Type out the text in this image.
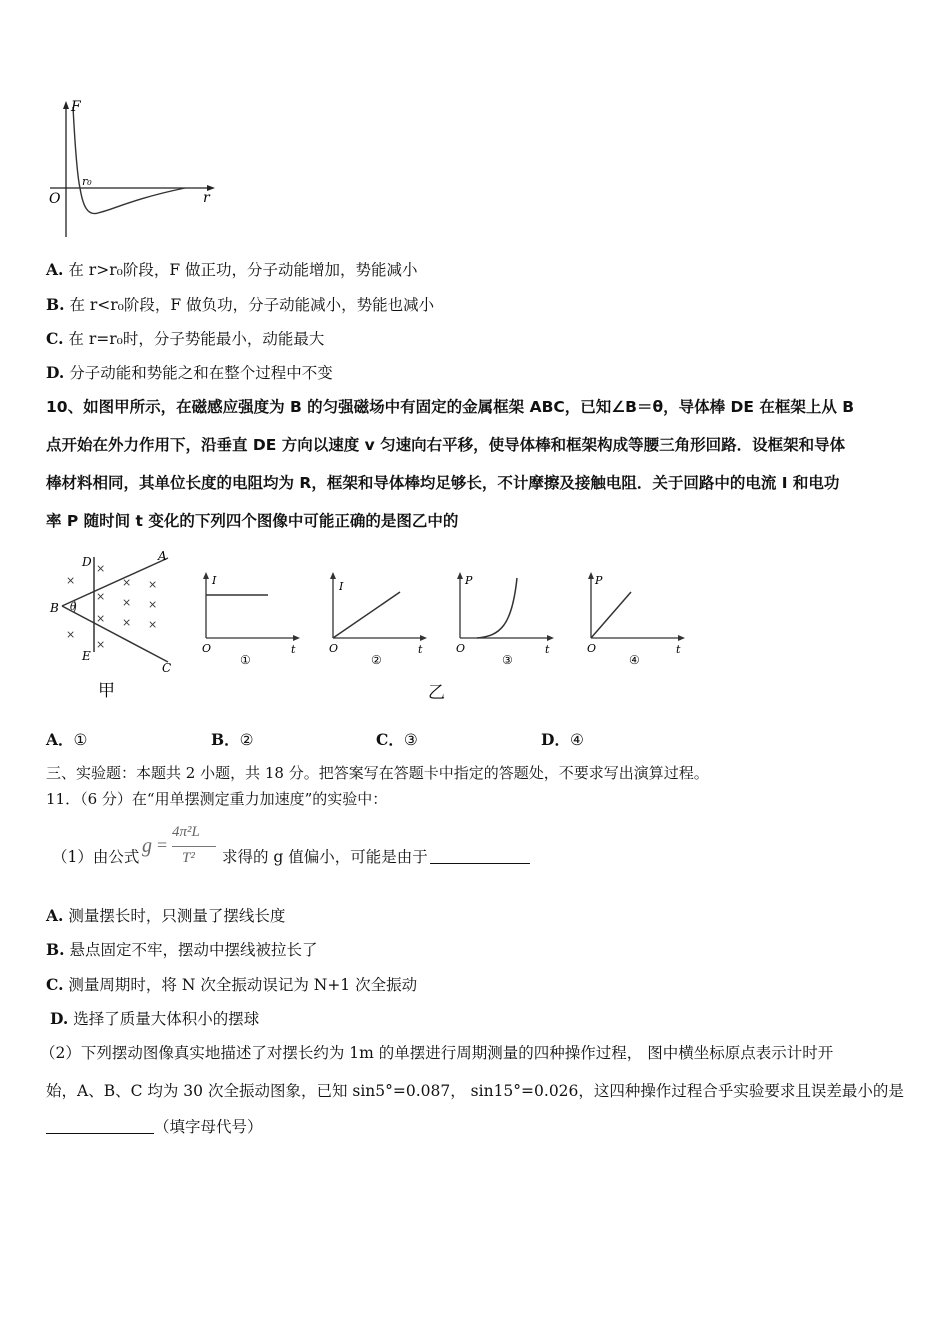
F
r
O
r₀
A. 在 r>r₀阶段，F 做正功，分子动能增加，势能减小
B. 在 r<r₀阶段，F 做负功，分子动能减小，势能也减小
C. 在 r=r₀时，分子势能最小，动能最大
D. 分子动能和势能之和在整个过程中不变
10、如图甲所示，在磁感应强度为 B 的匀强磁场中有固定的金属框架 ABC，已知∠B＝θ，导体棒 DE 在框架上从 B
点开始在外力作用下，沿垂直 DE 方向以速度 v 匀速向右平移，使导体棒和框架构成等腰三角形回路．设框架和导体
棒材料相同，其单位长度的电阻均为 R，框架和导体棒均足够长，不计摩擦及接触电阻．关于回路中的电流 I 和电功
率 P 随时间 t 变化的下列四个图像中可能正确的是图乙中的
θ
D
E
A
B
C
×
×
×
×
×
×
×
×
×
×
×
×
甲
I
t
O
①
I
t
O
②
P
t
O
③
P
t
O
④
乙
A．①	B．②	C．③	D．④
三、实验题：本题共 2 小题，共 18 分。把答案写在答题卡中指定的答题处，不要求写出演算过程。
11．（6 分）在“用单摆测定重力加速度”的实验中：
（1）由公式 g =
4π²L
T² 求得的 g 值偏小，可能是由于
A. 测量摆长时，只测量了摆线长度
B. 悬点固定不牢，摆动中摆线被拉长了
C. 测量周期时，将 N 次全振动误记为 N+1 次全振动
D. 选择了质量大体积小的摆球
（2）下列摆动图像真实地描述了对摆长约为 1m 的单摆进行周期测量的四种操作过程， 图中横坐标原点表示计时开
始，A、B、C 均为 30 次全振动图象，已知 sin5°=0.087， sin15°=0.026，这四种操作过程合乎实验要求且误差最小的是
（填字母代号）
